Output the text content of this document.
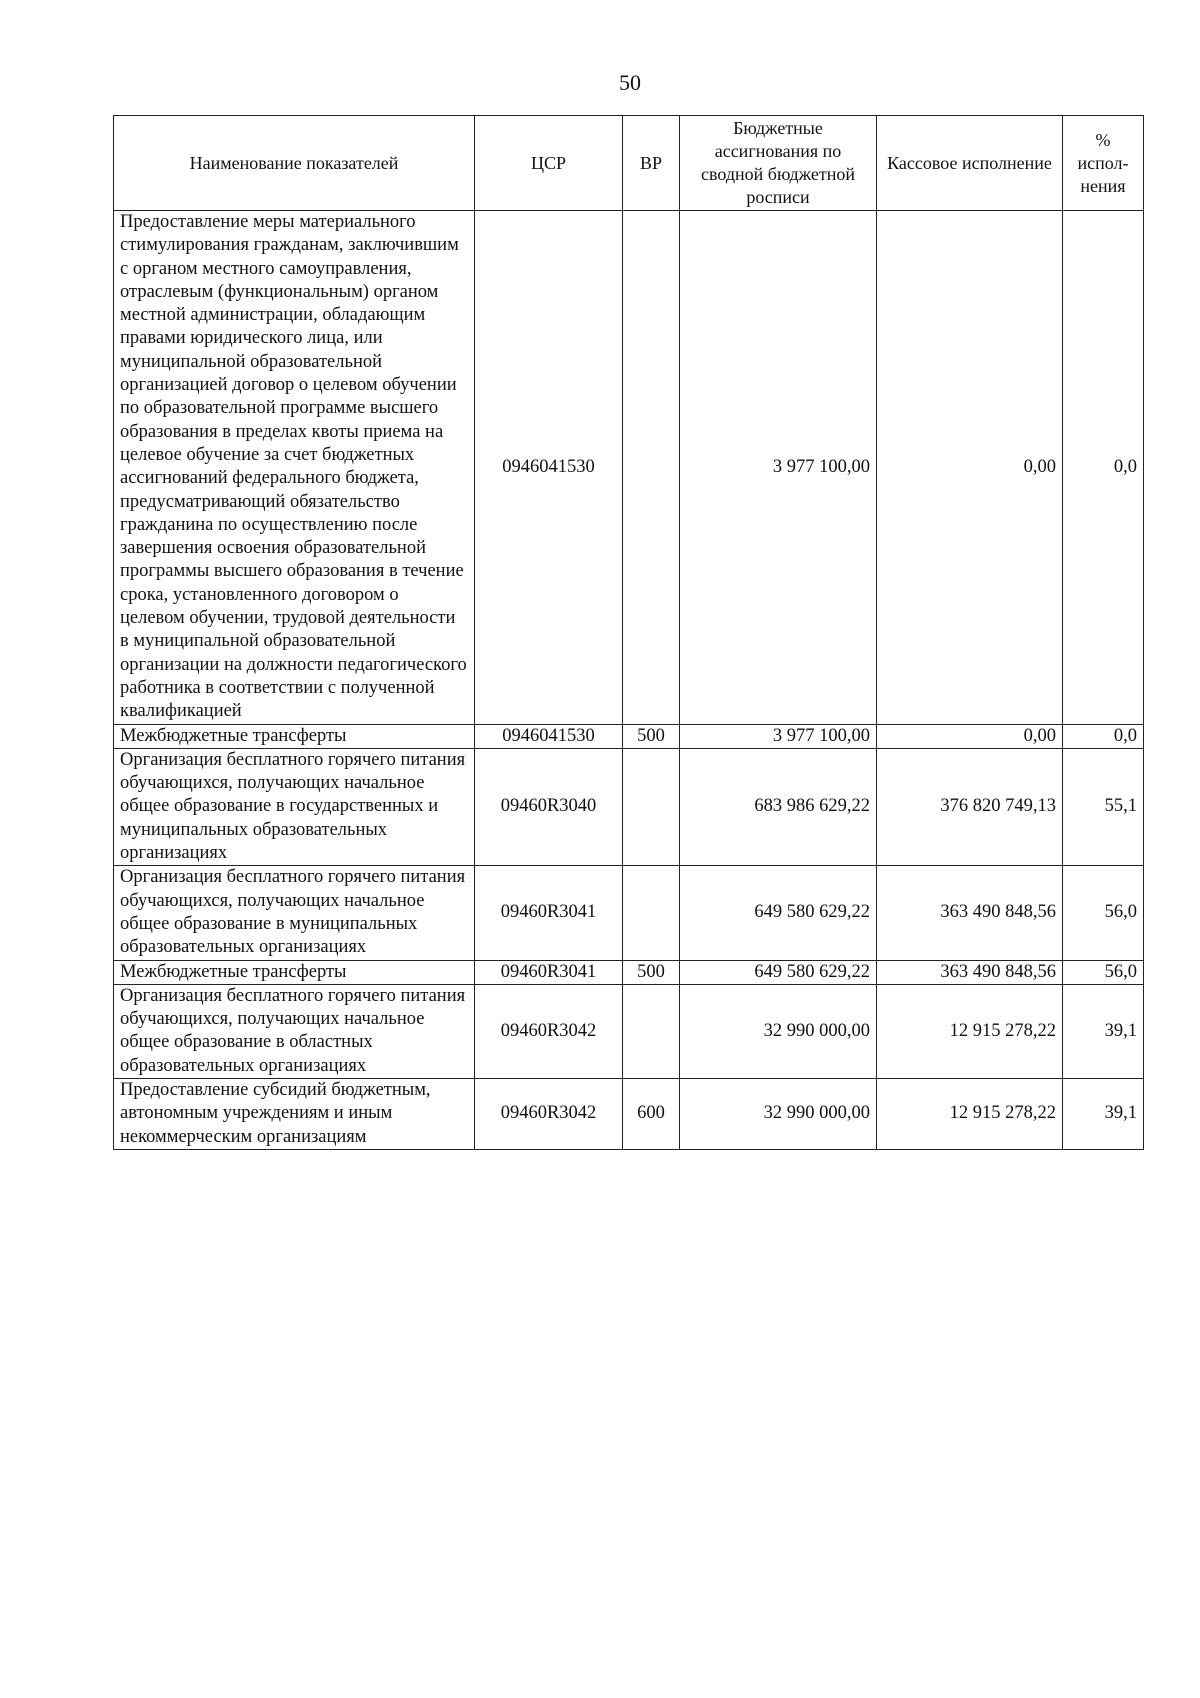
50
Наименование показателей	ЦСР	ВР	Бюджетные ассигнования по сводной бюджетной росписи	Кассовое исполнение	% испол-нения
Предоставление меры материального стимулирования гражданам, заключившим с органом местного самоуправления, отраслевым (функциональным) органом местной администрации, обладающим правами юридического лица, или муниципальной образовательной организацией договор о целевом обучении по образовательной программе высшего образования в пределах квоты приема на целевое обучение за счет бюджетных ассигнований федерального бюджета, предусматривающий обязательство гражданина по осуществлению после завершения освоения образовательной программы высшего образования в течение срока, установленного договором о целевом обучении, трудовой деятельности в муниципальной образовательной организации на должности педагогического работника в соответствии с полученной квалификацией	0946041530		3 977 100,00	0,00	0,0
Межбюджетные трансферты	0946041530	500	3 977 100,00	0,00	0,0
Организация бесплатного горячего питания обучающихся, получающих начальное общее образование в государственных и муниципальных образовательных организациях	09460R3040		683 986 629,22	376 820 749,13	55,1
Организация бесплатного горячего питания обучающихся, получающих начальное общее образование в муниципальных образовательных организациях	09460R3041		649 580 629,22	363 490 848,56	56,0
Межбюджетные трансферты	09460R3041	500	649 580 629,22	363 490 848,56	56,0
Организация бесплатного горячего питания обучающихся, получающих начальное общее образование в областных образовательных организациях	09460R3042		32 990 000,00	12 915 278,22	39,1
Предоставление субсидий бюджетным, автономным учреждениям и иным некоммерческим организациям	09460R3042	600	32 990 000,00	12 915 278,22	39,1
